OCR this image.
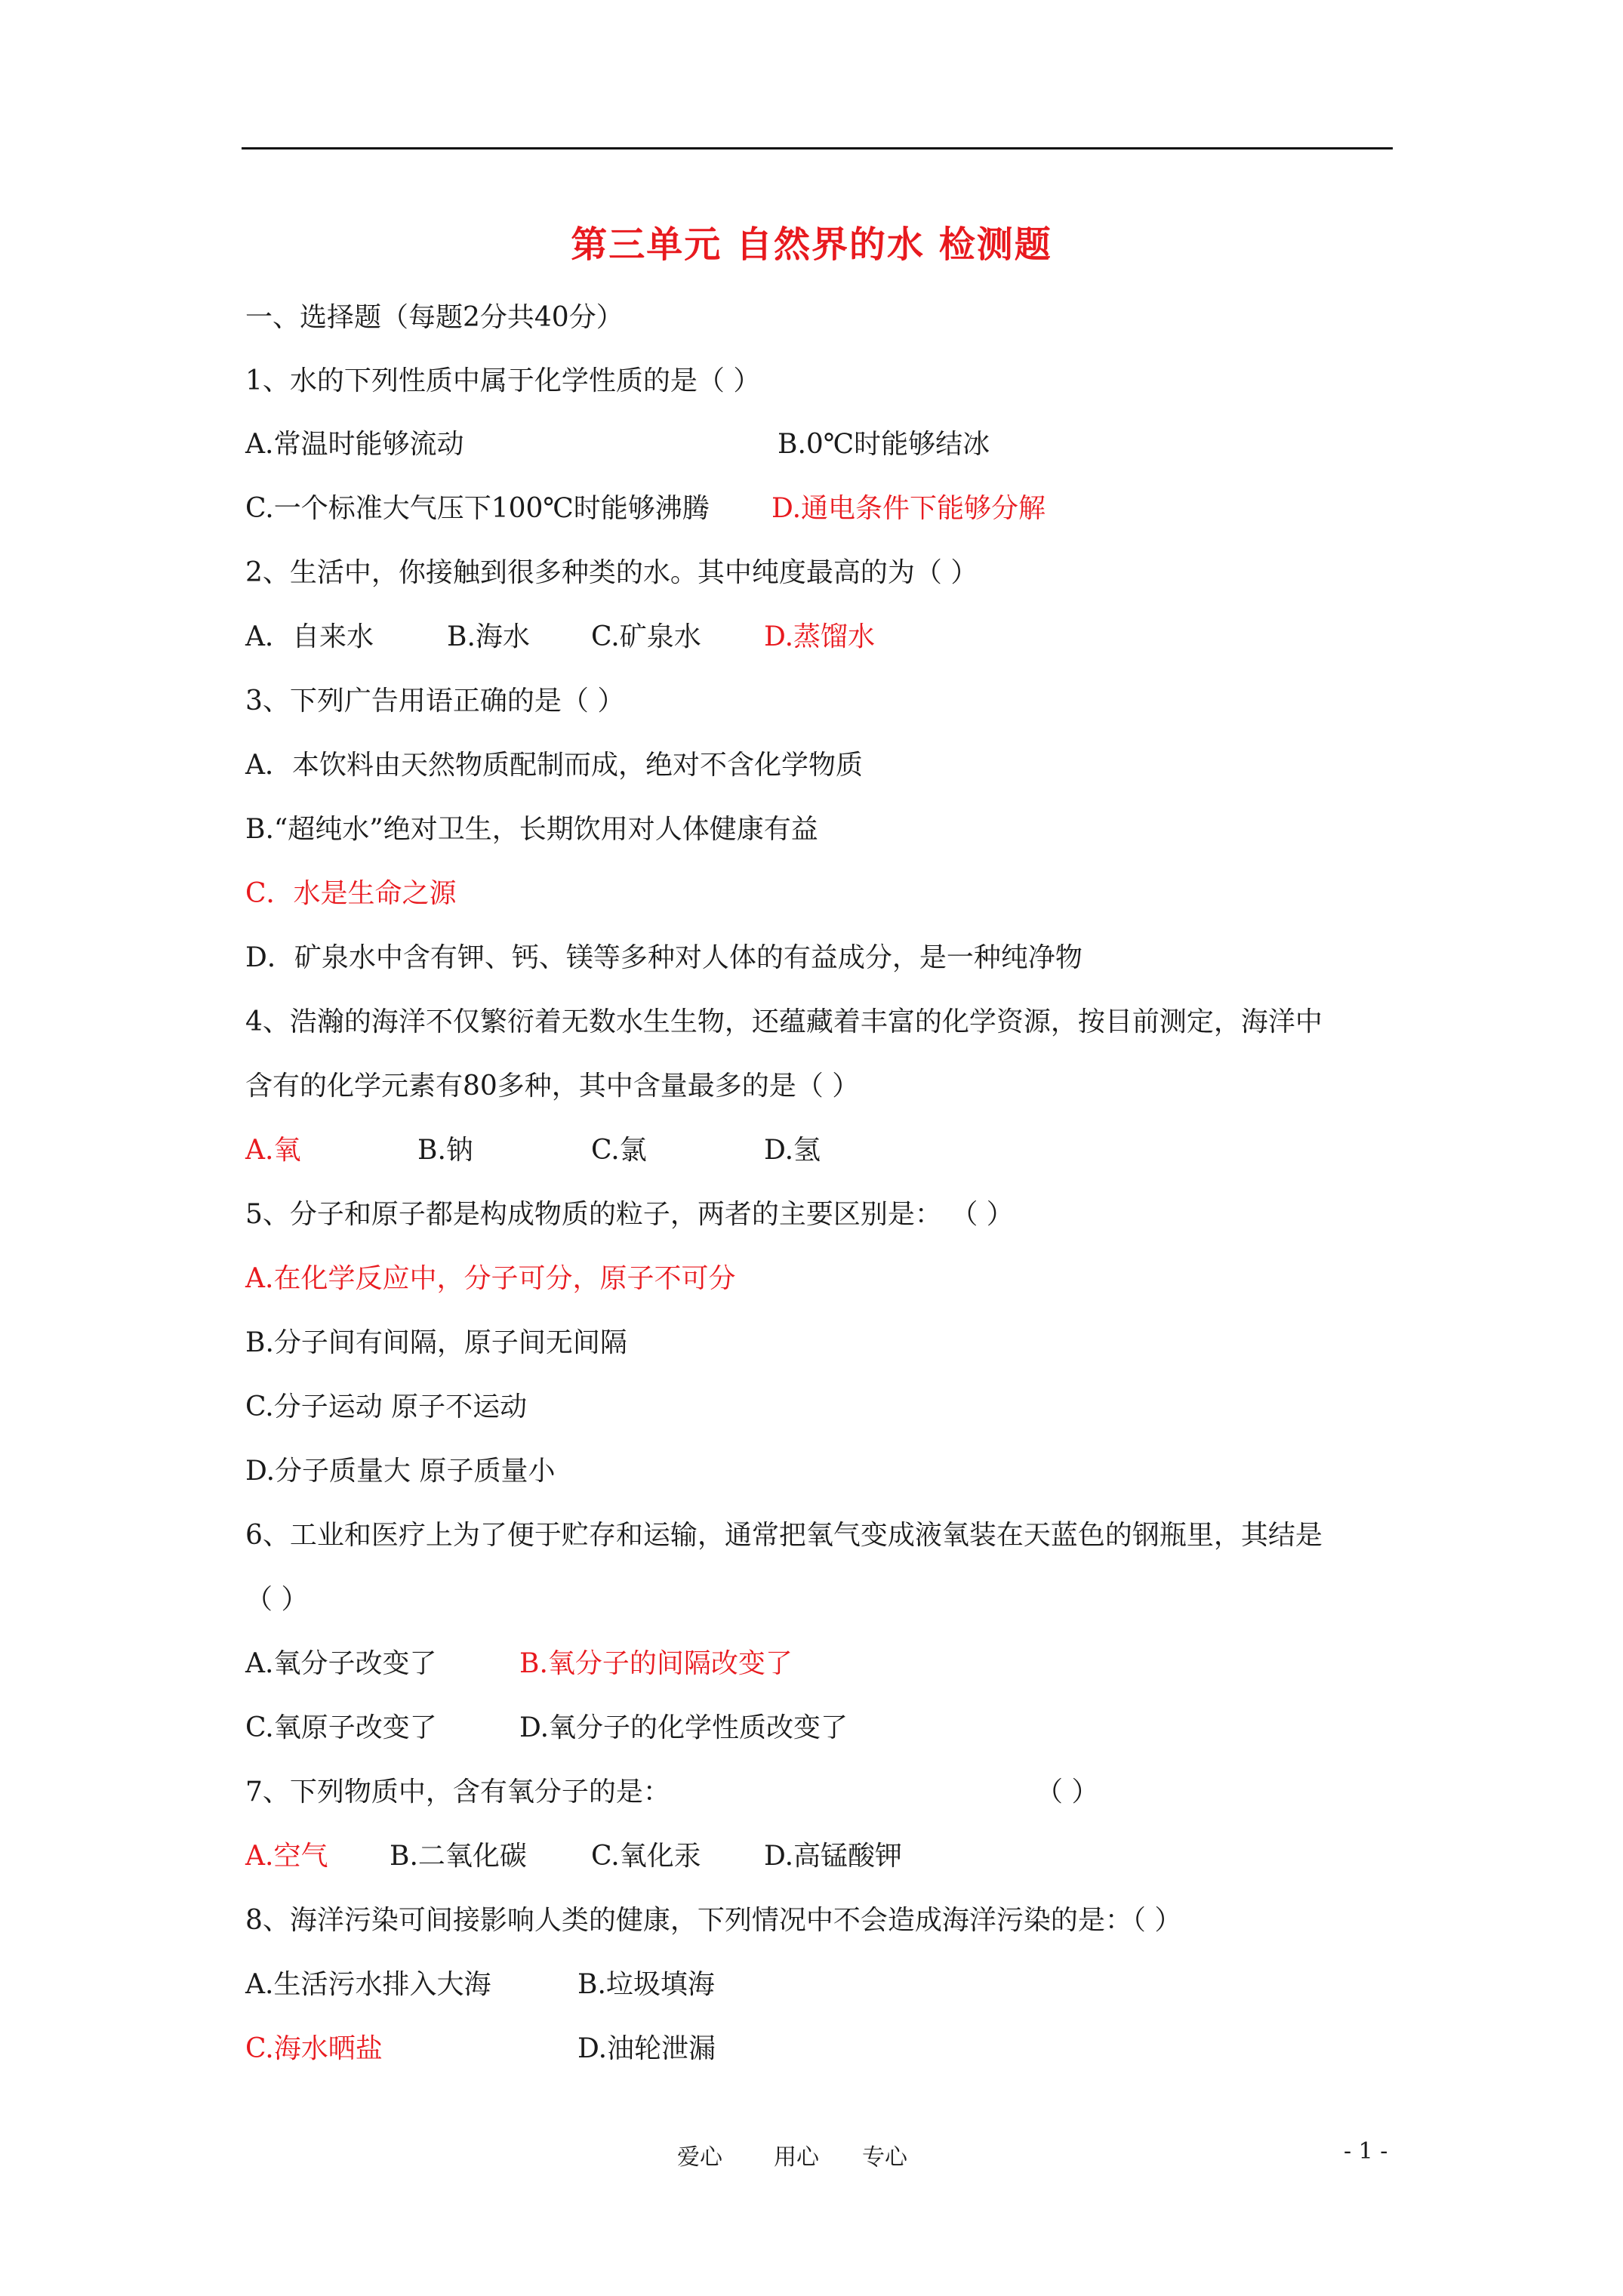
第三单元 自然界的水 检测题
一、选择题（每题2分共40分）
1、水的下列性质中属于化学性质的是（ ）
A.常温时能够流动	B.0℃时能够结冰
C.一个标准大气压下100℃时能够沸腾 D.通电条件下能够分解
2、生活中，你接触到很多种类的水。其中纯度最高的为（ ）
A．自来水	B.海水 C.矿泉水 D.蒸馏水
3、下列广告用语正确的是（ ）
A．本饮料由天然物质配制而成，绝对不含化学物质
B.“超纯水”绝对卫生，长期饮用对人体健康有益
C．水是生命之源
D．矿泉水中含有钾、钙、镁等多种对人体的有益成分，是一种纯净物
4、浩瀚的海洋不仅繁衍着无数水生生物，还蕴藏着丰富的化学资源，按目前测定，海洋中
含有的化学元素有80多种，其中含量最多的是（ ）
A.氧	B.钠	C.氯	D.氢
5、分子和原子都是构成物质的粒子，两者的主要区别是： （ ）
A.在化学反应中，分子可分，原子不可分
B.分子间有间隔，原子间无间隔
C.分子运动 原子不运动
D.分子质量大 原子质量小
6、工业和医疗上为了便于贮存和运输，通常把氧气变成液氧装在天蓝色的钢瓶里，其结是
（ ）
A.氧分子改变了	B.氧分子的间隔改变了
C.氧原子改变了	D.氧分子的化学性质改变了
7、下列物质中，含有氧分子的是：	（ ）
A.空气 B.二氧化碳 C.氧化汞 D.高锰酸钾
8、海洋污染可间接影响人类的健康，下列情况中不会造成海洋污染的是：（ ）
A.生活污水排入大海	B.垃圾填海
C.海水晒盐	D.油轮泄漏
爱心 用心 专心	- 1 -
